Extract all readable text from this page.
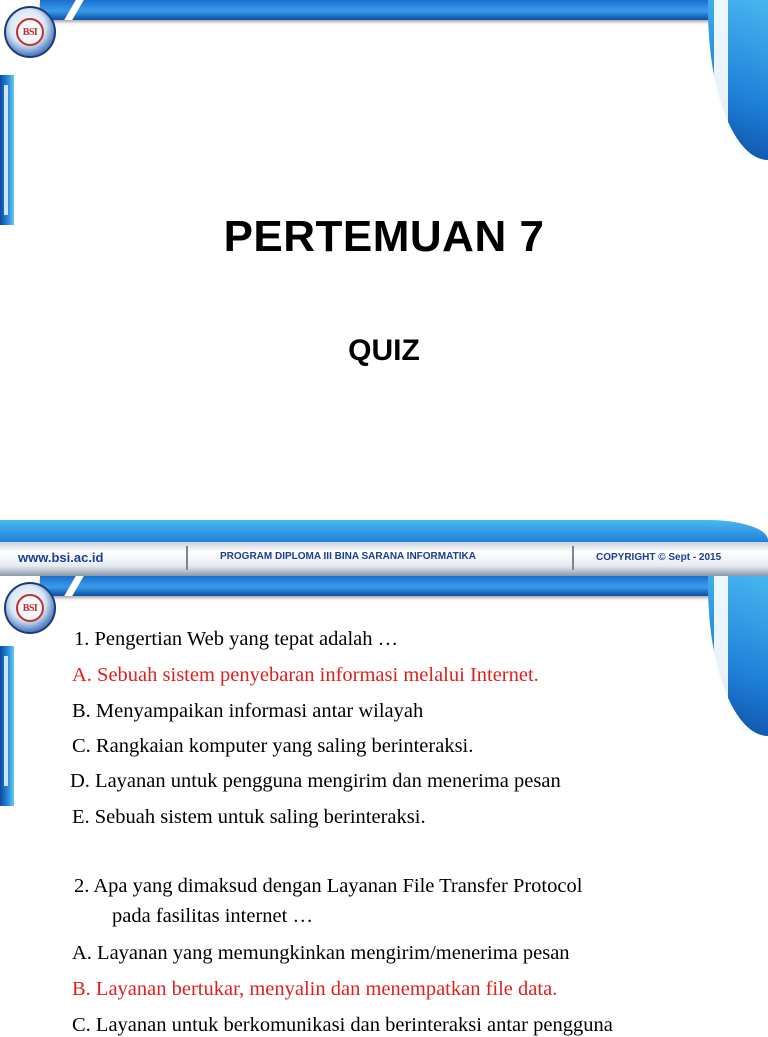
BSI
PERTEMUAN 7
QUIZ
www.bsi.ac.id	PROGRAM DIPLOMA III BINA SARANA INFORMATIKA	COPYRIGHT © Sept - 2015
BSI
1. Pengertian Web yang tepat adalah …
A. Sebuah sistem penyebaran informasi melalui Internet.
B. Menyampaikan informasi antar wilayah
C. Rangkaian komputer yang saling berinteraksi.
D. Layanan untuk pengguna mengirim dan menerima pesan
E. Sebuah sistem untuk saling berinteraksi.
2. Apa yang dimaksud dengan Layanan File Transfer Protocol
pada fasilitas internet …
A. Layanan yang memungkinkan mengirim/menerima pesan
B. Layanan bertukar, menyalin dan menempatkan file data.
C. Layanan untuk berkomunikasi dan berinteraksi antar pengguna
